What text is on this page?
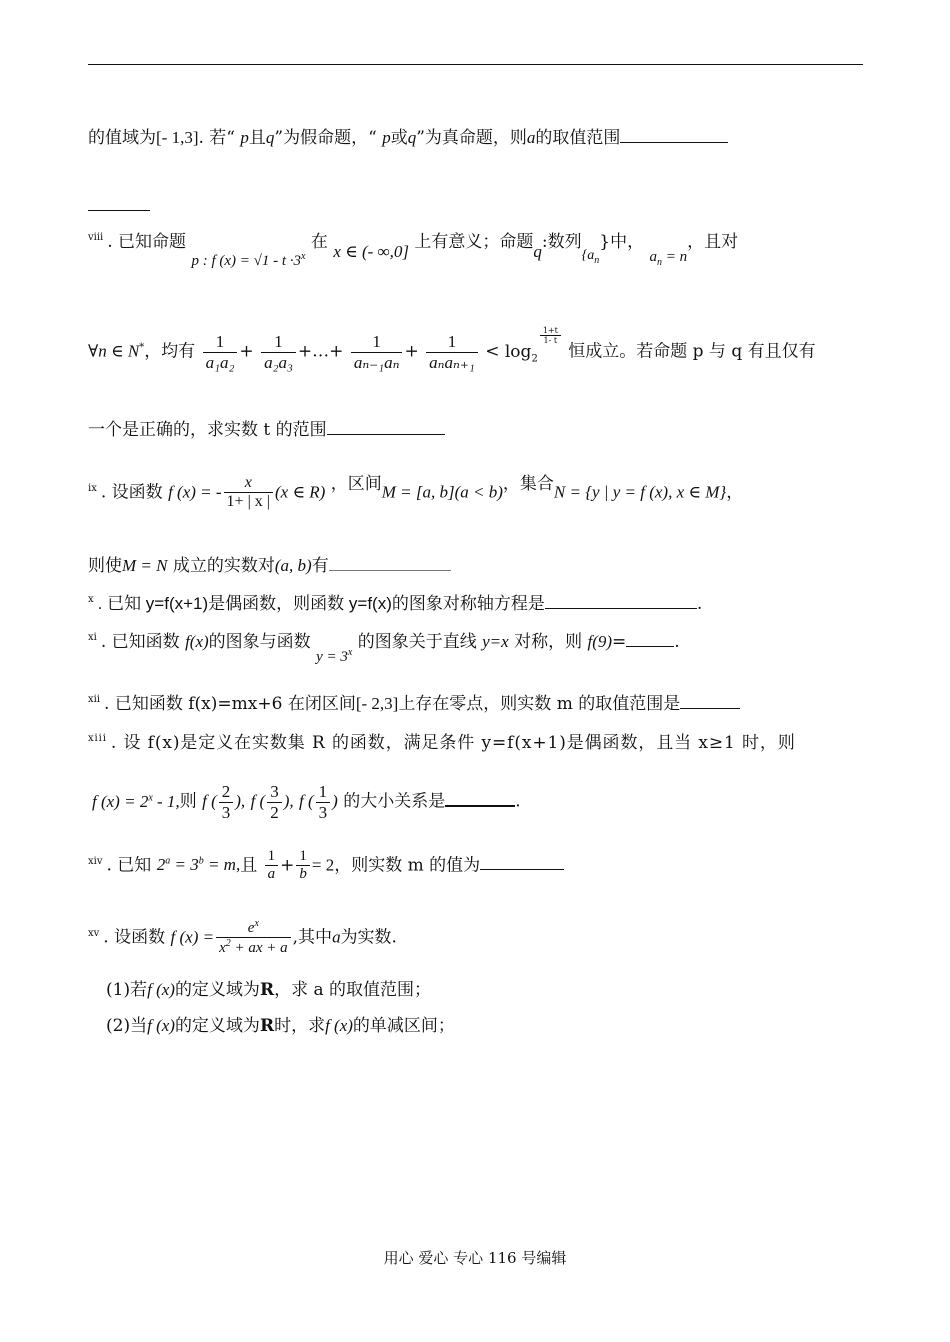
的值域为[- 1,3]. 若“ p且q”为假命题，“ p或q”为真命题，则a的取值范围
$^{viii}$ . 已知命题 p : f $(x) = √1 - t \cdot 3^x$ 在 x ∈ (- ∞,0] 上有意义；命题q:数列$_{\{a_n\}中,}$ $a_n = n$，且对
∀n ∈ N*，均有 $\frac{1}{\text{a₁a₂}} + \frac{1}{\text{a₂a₃}}$ +…+ $\frac{1}{\text{aₙ₋₁aₙ}} + \frac{1}{\text{aₙaₙ₊₁}} < \log_2$
$\frac{1+t}{1- t}$
恒成立。若命题 p 与 q 有且仅有
一个是正确的，求实数 t 的范围
$^{ix}$ . 设函数 f (x) = - $\frac{x}{1+ | x |} (x$ ∈ R) ，区间M = [a, b](a < b)，集合N = {y | y = f (x), x ∈ M}，
则使M = N 成立的实数对(a, b)有
$^x$ . 已知 y=f(x+1)是偶函数，则函数 y=f(x)的图象对称轴方程是	.
$^{xi}$ . 已知函数 f(x)的图象与函数 $y = 3^x$ 的图象关于直线 y=x 对称，则 f(9)=	.
$^{xii}$ . 已知函数 f(x)=mx+6 在闭区间[- 2,3]上存在零点，则实数 m 的取值范围是
$^{xiii}$ . 设 f(x)是定义在实数集 R 的函数，满足条件 y=f(x+1)是偶函数，且当 x≥1 时，则
f $(x) = 2^x - 1$,则 f ( $\frac{2}{3}$ ), f ( $\frac{3}{2}$ ), f ( $\frac{1}{3}$ ) 的大小关系是	.
$^{xiv}$ . 已知 $2^a = 3^b = m$,且 $\frac{1}{a} + \frac{1}{b} = 2$，则实数 m 的值为
$^{xv}$ . 设函数 f $(x) = \frac{e^x}{x^2 + ax + a}$ ,其中a为实数.
(1)若f (x)的定义域为R，求 a 的取值范围；
(2)当f (x)的定义域为R时，求f (x)的单减区间；
用心 爱心 专心 116 号编辑
